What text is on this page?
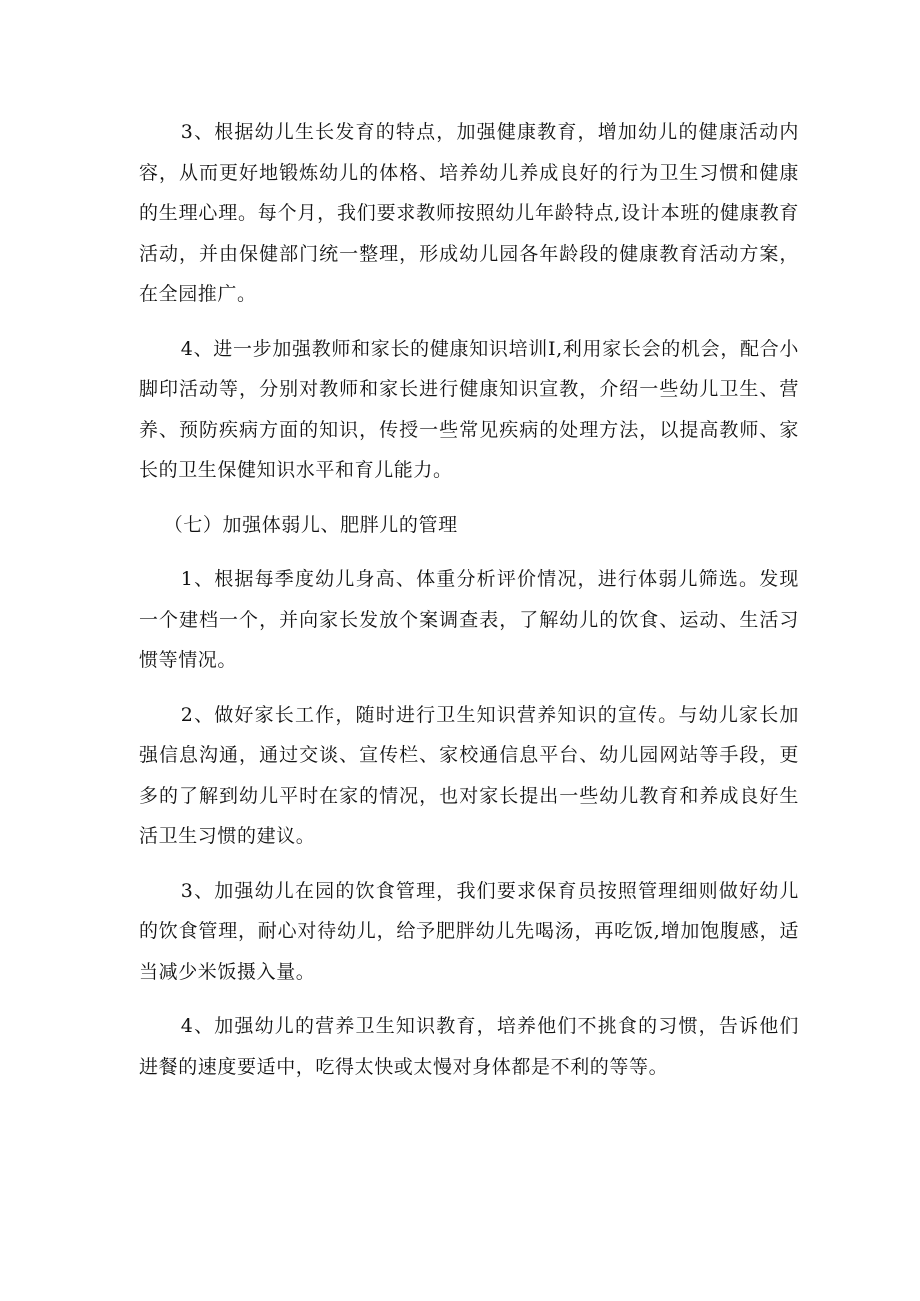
3、根据幼儿生长发育的特点，加强健康教育，增加幼儿的健康活动内容，从而更好地锻炼幼儿的体格、培养幼儿养成良好的行为卫生习惯和健康的生理心理。每个月，我们要求教师按照幼儿年龄特点,设计本班的健康教育活动，并由保健部门统一整理，形成幼儿园各年龄段的健康教育活动方案，在全园推广。

4、进一步加强教师和家长的健康知识培训I,利用家长会的机会，配合小脚印活动等，分别对教师和家长进行健康知识宣教，介绍一些幼儿卫生、营养、预防疾病方面的知识，传授一些常见疾病的处理方法，以提高教师、家长的卫生保健知识水平和育儿能力。

（七）加强体弱儿、肥胖儿的管理

1、根据每季度幼儿身高、体重分析评价情况，进行体弱儿筛选。发现一个建档一个，并向家长发放个案调查表，了解幼儿的饮食、运动、生活习惯等情况。

2、做好家长工作，随时进行卫生知识营养知识的宣传。与幼儿家长加强信息沟通，通过交谈、宣传栏、家校通信息平台、幼儿园网站等手段，更多的了解到幼儿平时在家的情况，也对家长提出一些幼儿教育和养成良好生活卫生习惯的建议。

3、加强幼儿在园的饮食管理，我们要求保育员按照管理细则做好幼儿的饮食管理，耐心对待幼儿，给予肥胖幼儿先喝汤，再吃饭,增加饱腹感，适当减少米饭摄入量。

4、加强幼儿的营养卫生知识教育，培养他们不挑食的习惯，告诉他们进餐的速度要适中，吃得太快或太慢对身体都是不利的等等。
